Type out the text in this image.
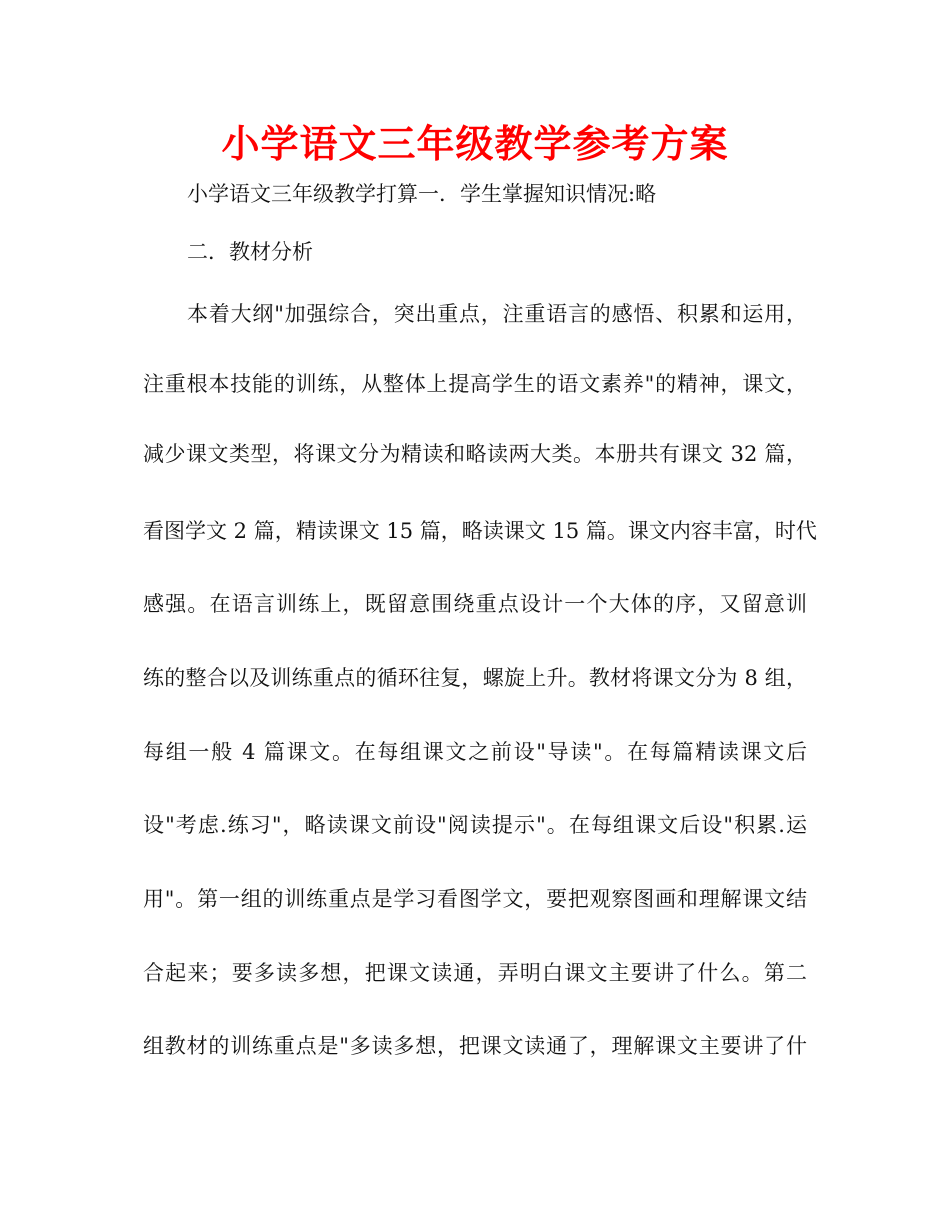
小学语文三年级教学参考方案

小学语文三年级教学打算一．学生掌握知识情况:略

二．教材分析

本着大纲"加强综合，突出重点，注重语言的感悟、积累和运用，

注重根本技能的训练，从整体上提高学生的语文素养"的精神，课文，

减少课文类型，将课文分为精读和略读两大类。本册共有课文 32 篇，

看图学文 2 篇，精读课文 15 篇，略读课文 15 篇。课文内容丰富，时代

感强。在语言训练上，既留意围绕重点设计一个大体的序，又留意训

练的整合以及训练重点的循环往复，螺旋上升。教材将课文分为 8 组，

每组一般 4 篇课文。在每组课文之前设"导读"。在每篇精读课文后

设"考虑.练习"，略读课文前设"阅读提示"。在每组课文后设"积累.运

用"。第一组的训练重点是学习看图学文，要把观察图画和理解课文结

合起来；要多读多想，把课文读通，弄明白课文主要讲了什么。第二

组教材的训练重点是"多读多想，把课文读通了，理解课文主要讲了什
